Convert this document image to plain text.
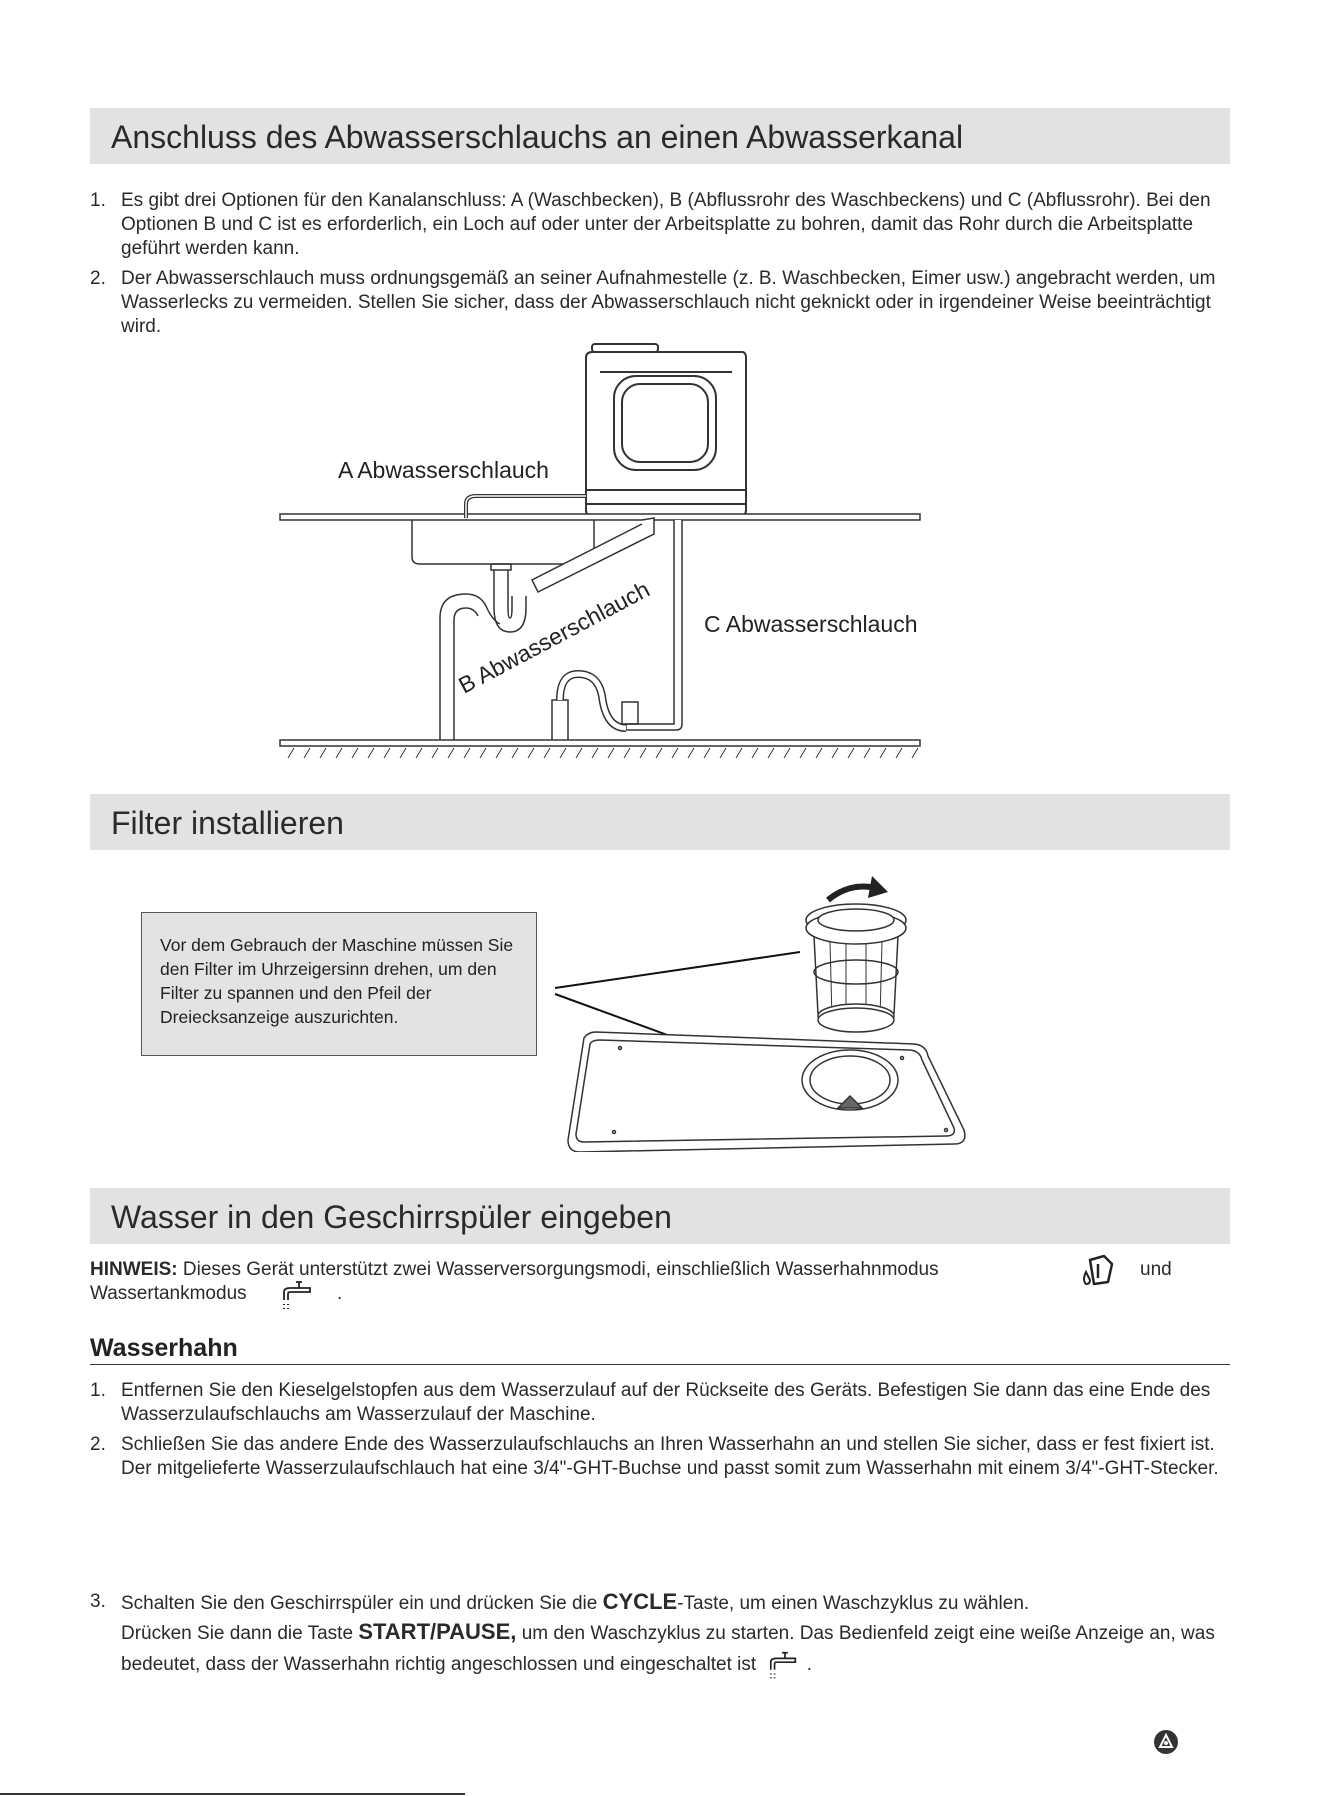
Anschluss des Abwasserschlauchs an einen Abwasserkanal
1. Es gibt drei Optionen für den Kanalanschluss: A (Waschbecken), B (Abflussrohr des Waschbeckens) und C (Abflussrohr). Bei den Optionen B und C ist es erforderlich, ein Loch auf oder unter der Arbeitsplatte zu bohren, damit das Rohr durch die Arbeitsplatte geführt werden kann.
2. Der Abwasserschlauch muss ordnungsgemäß an seiner Aufnahmestelle (z. B. Waschbecken, Eimer usw.) angebracht werden, um Wasserlecks zu vermeiden. Stellen Sie sicher, dass der Abwasserschlauch nicht geknickt oder in irgendeiner Weise beeinträchtigt wird.
A Abwasserschlauch
B Abwasserschlauch C Abwasserschlauch
Filter installieren

Vor dem Gebrauch der Maschine müssen Sie den Filter im Uhrzeigersinn drehen, um den Filter zu spannen und den Pfeil der Dreiecksanzeige auszurichten.

Wasser in den Geschirrspüler eingeben
HINWEIS: Dieses Gerät unterstützt zwei Wasserversorgungsmodi, einschließlich Wasserhahnmodus	und
Wassertankmodus	.
Wasserhahn
1. Entfernen Sie den Kieselgelstopfen aus dem Wasserzulauf auf der Rückseite des Geräts. Befestigen Sie dann das eine Ende des Wasserzulaufschlauchs am Wasserzulauf der Maschine.
2. Schließen Sie das andere Ende des Wasserzulaufschlauchs an Ihren Wasserhahn an und stellen Sie sicher, dass er fest fixiert ist. Der mitgelieferte Wasserzulaufschlauch hat eine 3/4"-GHT-Buchse und passt somit zum Wasserhahn mit einem 3/4"-GHT-Stecker.
3. Schalten Sie den Geschirrspüler ein und drücken Sie die CYCLE-Taste, um einen Waschzyklus zu wählen.
Drücken Sie dann die Taste START/PAUSE, um den Waschzyklus zu starten. Das Bedienfeld zeigt eine weiße Anzeige an, was bedeutet, dass der Wasserhahn richtig angeschlossen und eingeschaltet ist	.
